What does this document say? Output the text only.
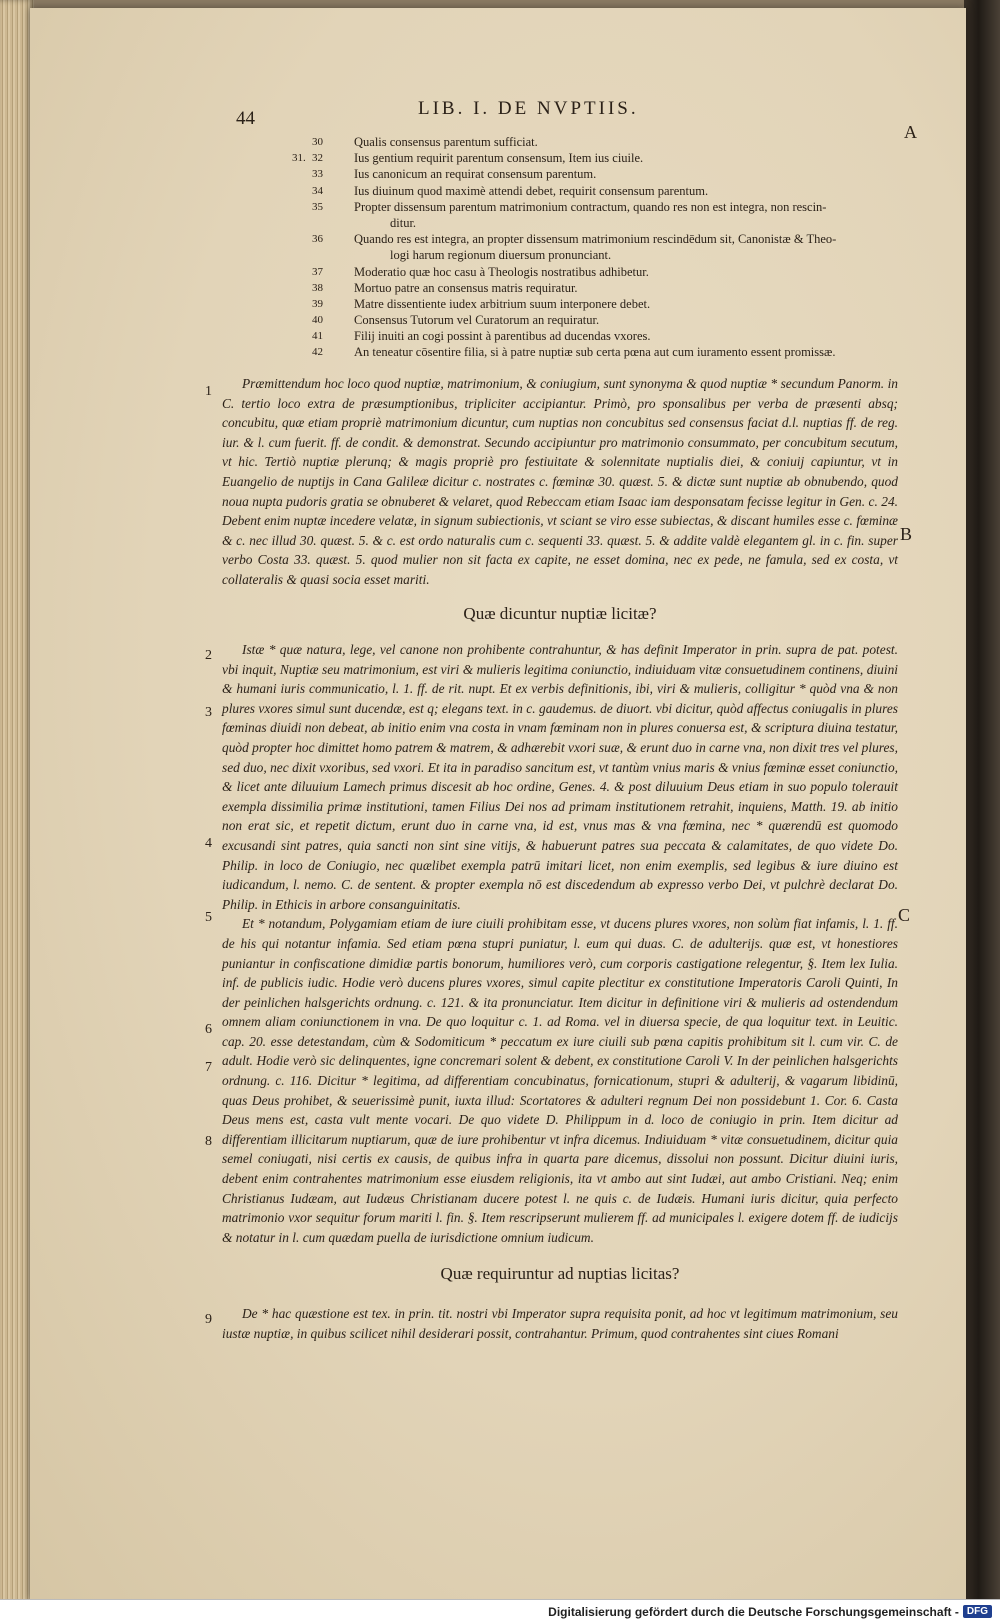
44	LIB. I. DE NVPTIIS.
A
B
C
30	Qualis consensus parentum sufficiat.
31. 32	Ius gentium requirit parentum consensum, Item ius ciuile.
33	Ius canonicum an requirat consensum parentum.
34	Ius diuinum quod maximè attendi debet, requirit consensum parentum.
35	Propter dissensum parentum matrimonium contractum, quando res non est integra, non rescin-
ditur.
36	Quando res est integra, an propter dissensum matrimonium rescindēdum sit, Canonistæ & Theo-
logi harum regionum diuersum pronunciant.
37	Moderatio quæ hoc casu à Theologis nostratibus adhibetur.
38	Mortuo patre an consensus matris requiratur.
39	Matre dissentiente iudex arbitrium suum interponere debet.
40	Consensus Tutorum vel Curatorum an requiratur.
41	Filij inuiti an cogi possint à parentibus ad ducendas vxores.
42	An teneatur cōsentire filia, si à patre nuptiæ sub certa pœna aut cum iuramento essent promissæ.
1
2
3
4
5
6
7
8
9

Præmittendum hoc loco quod nuptiæ, matrimonium, & coniugium, sunt synonyma & quod nuptiæ * secundum Panorm. in C. tertio loco extra de præsumptionibus, tripliciter accipiantur. Primò, pro sponsalibus per verba de præsenti absq; concubitu, quæ etiam propriè matrimonium dicuntur, cum nuptias non concubitus sed consensus faciat d.l. nuptias ff. de reg. iur. & l. cum fuerit. ff. de condit. & demonstrat. Secundo accipiuntur pro matrimonio consummato, per concubitum secutum, vt hic. Tertiò nuptiæ plerunq; & magis propriè pro festiuitate & solennitate nuptialis diei, & coniuij capiuntur, vt in Euangelio de nuptijs in Cana Galileæ dicitur c. nostrates c. fœminæ 30. quæst. 5. & dictæ sunt nuptiæ ab obnubendo, quod noua nupta pudoris gratia se obnuberet & velaret, quod Rebeccam etiam Isaac iam desponsatam fecisse legitur in Gen. c. 24. Debent enim nuptæ incedere velatæ, in signum subiectionis, vt sciant se viro esse subiectas, & discant humiles esse c. fœminæ & c. nec illud 30. quæst. 5. & c. est ordo naturalis cum c. sequenti 33. quæst. 5. & addite valdè elegantem gl. in c. fin. super verbo Costa 33. quæst. 5. quod mulier non sit facta ex capite, ne esset domina, nec ex pede, ne famula, sed ex costa, vt collateralis & quasi socia esset mariti.

Quæ dicuntur nuptiæ licitæ?

Istæ * quæ natura, lege, vel canone non prohibente contrahuntur, & has definit Imperator in prin. supra de pat. potest. vbi inquit, Nuptiæ seu matrimonium, est viri & mulieris legitima coniunctio, indiuiduam vitæ consuetudinem continens, diuini & humani iuris communicatio, l. 1. ff. de rit. nupt. Et ex verbis definitionis, ibi, viri & mulieris, colligitur * quòd vna & non plures vxores simul sunt ducendæ, est q; elegans text. in c. gaudemus. de diuort. vbi dicitur, quòd affectus coniugalis in plures fœminas diuidi non debeat, ab initio enim vna costa in vnam fœminam non in plures conuersa est, & scriptura diuina testatur, quòd propter hoc dimittet homo patrem & matrem, & adhærebit vxori suæ, & erunt duo in carne vna, non dixit tres vel plures, sed duo, nec dixit vxoribus, sed vxori. Et ita in paradiso sancitum est, vt tantùm vnius maris & vnius fœminæ esset coniunctio, & licet ante diluuium Lamech primus discesit ab hoc ordine, Genes. 4. & post diluuium Deus etiam in suo populo tolerauit exempla dissimilia primæ institutioni, tamen Filius Dei nos ad primam institutionem retrahit, inquiens, Matth. 19. ab initio non erat sic, et repetit dictum, erunt duo in carne vna, id est, vnus mas & vna fœmina, nec * quærendū est quomodo excusandi sint patres, quia sancti non sint sine vitijs, & habuerunt patres sua peccata & calamitates, de quo videte Do. Philip. in loco de Coniugio, nec quælibet exempla patrū imitari licet, non enim exemplis, sed legibus & iure diuino est iudicandum, l. nemo. C. de sentent. & propter exempla nō est discedendum ab expresso verbo Dei, vt pulchrè declarat Do. Philip. in Ethicis in arbore consanguinitatis.

Et * notandum, Polygamiam etiam de iure ciuili prohibitam esse, vt ducens plures vxores, non solùm fiat infamis, l. 1. ff. de his qui notantur infamia. Sed etiam pœna stupri puniatur, l. eum qui duas. C. de adulterijs. quæ est, vt honestiores puniantur in confiscatione dimidiæ partis bonorum, humiliores verò, cum corporis castigatione relegentur, §. Item lex Iulia. inf. de publicis iudic. Hodie verò ducens plures vxores, simul capite plectitur ex constitutione Imperatoris Caroli Quinti, In der peinlichen halsgerichts ordnung. c. 121. & ita pronunciatur. Item dicitur in definitione viri & mulieris ad ostendendum omnem aliam coniunctionem in vna. De quo loquitur c. 1. ad Roma. vel in diuersa specie, de qua loquitur text. in Leuitic. cap. 20. esse detestandam, cùm & Sodomiticum * peccatum ex iure ciuili sub pœna capitis prohibitum sit l. cum vir. C. de adult. Hodie verò sic delinquentes, igne concremari solent & debent, ex constitutione Caroli V. In der peinlichen halsgerichts ordnung. c. 116. Dicitur * legitima, ad differentiam concubinatus, fornicationum, stupri & adulterij, & vagarum libidinū, quas Deus prohibet, & seuerissimè punit, iuxta illud: Scortatores & adulteri regnum Dei non possidebunt 1. Cor. 6. Casta Deus mens est, casta vult mente vocari. De quo videte D. Philippum in d. loco de coniugio in prin. Item dicitur ad differentiam illicitarum nuptiarum, quæ de iure prohibentur vt infra dicemus. Indiuiduam * vitæ consuetudinem, dicitur quia semel coniugati, nisi certis ex causis, de quibus infra in quarta pare dicemus, dissolui non possunt. Dicitur diuini iuris, debent enim contrahentes matrimonium esse eiusdem religionis, ita vt ambo aut sint Iudæi, aut ambo Cristiani. Neq; enim Christianus Iudæam, aut Iudæus Christianam ducere potest l. ne quis c. de Iudæis. Humani iuris dicitur, quia perfecto matrimonio vxor sequitur forum mariti l. fin. §. Item rescripserunt mulierem ff. ad municipales l. exigere dotem ff. de iudicijs & notatur in l. cum quædam puella de iurisdictione omnium iudicum.

Quæ requiruntur ad nuptias licitas?

De * hac quæstione est tex. in prin. tit. nostri vbi Imperator supra requisita ponit, ad hoc vt legitimum matrimonium, seu iustæ nuptiæ, in quibus scilicet nihil desiderari possit, contrahantur. Primum, quod contrahentes sint ciues Romani

Digitalisierung gefördert durch die Deutsche Forschungsgemeinschaft - DFG
